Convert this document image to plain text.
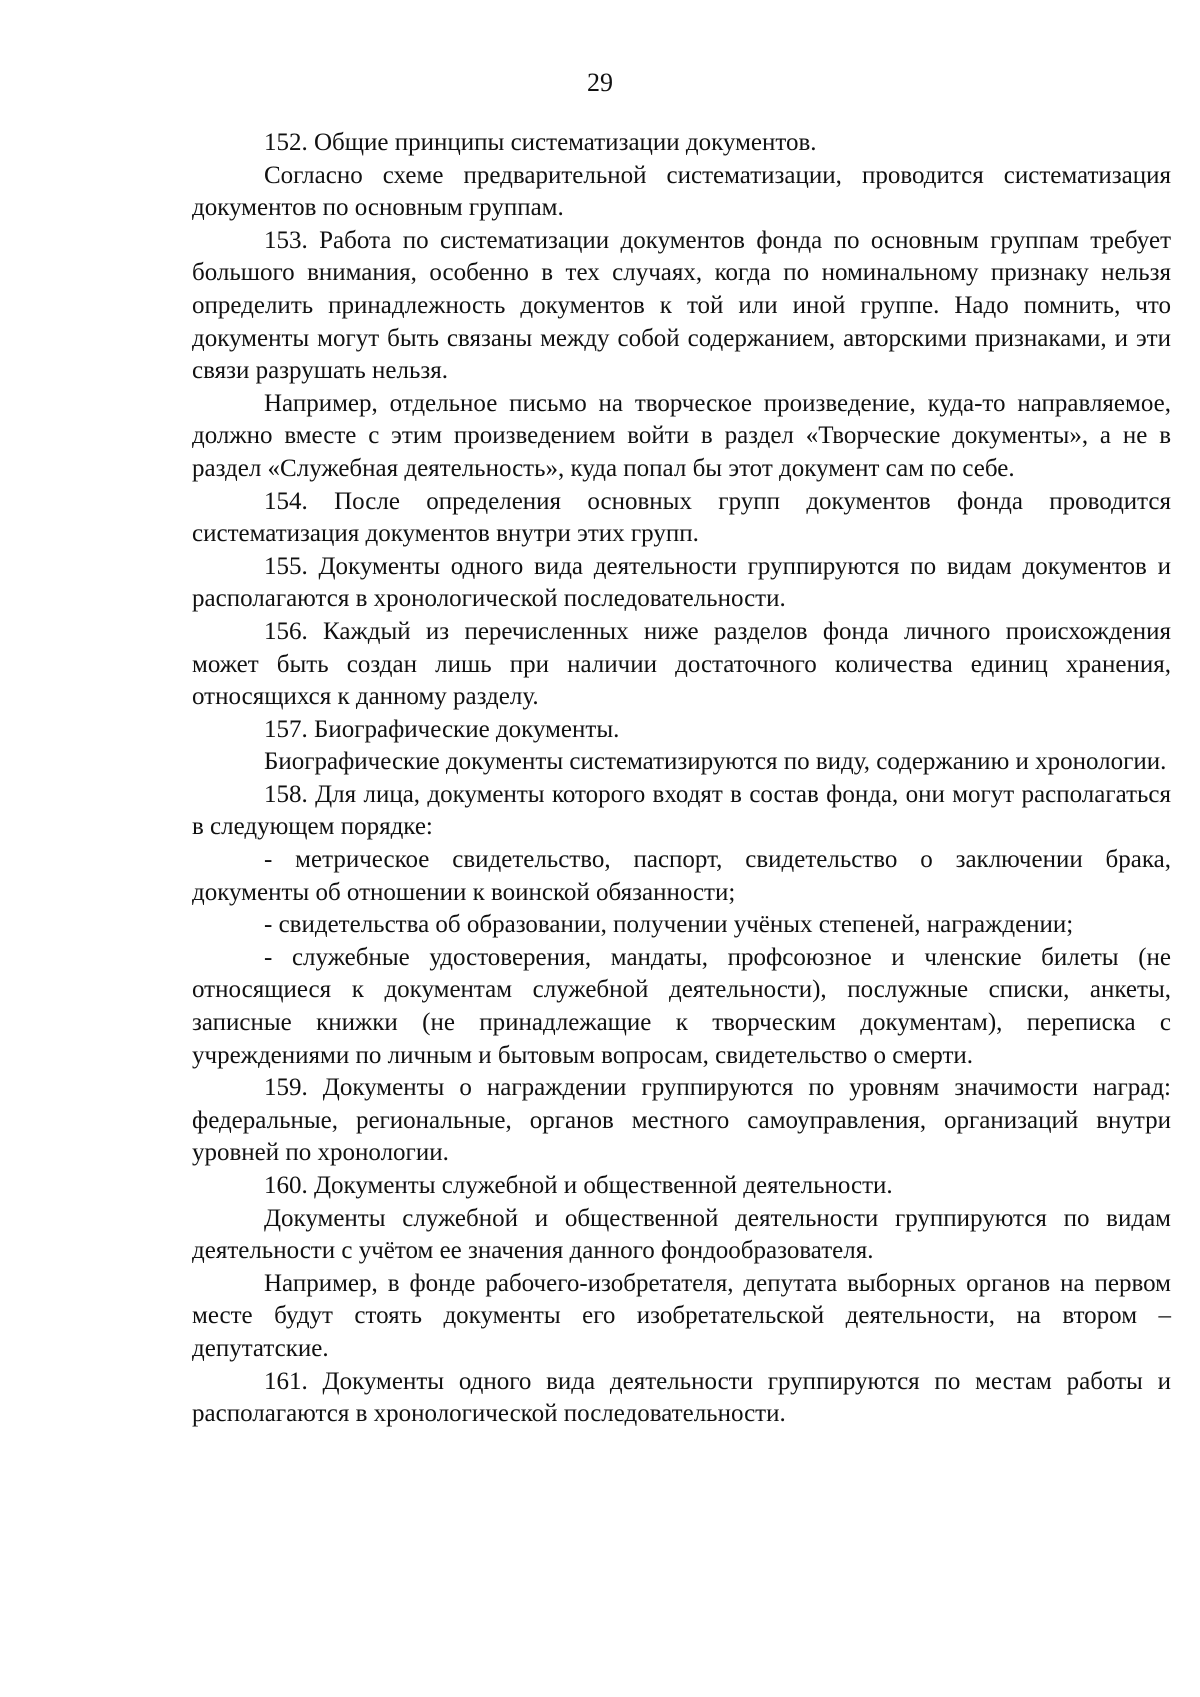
29

152. Общие принципы систематизации документов.

Согласно схеме предварительной систематизации, проводится систематизация документов по основным группам.

153. Работа по систематизации документов фонда по основным группам требует большого внимания, особенно в тех случаях, когда по номинальному признаку нельзя определить принадлежность документов к той или иной группе. Надо помнить, что документы могут быть связаны между собой содержанием, авторскими признаками, и эти связи разрушать нельзя.

Например, отдельное письмо на творческое произведение, куда-то направляемое, должно вместе с этим произведением войти в раздел «Творческие документы», а не в раздел «Служебная деятельность», куда попал бы этот документ сам по себе.

154. После определения основных групп документов фонда проводится систематизация документов внутри этих групп.

155. Документы одного вида деятельности группируются по видам документов и располагаются в хронологической последовательности.

156. Каждый из перечисленных ниже разделов фонда личного происхождения может быть создан лишь при наличии достаточного количества единиц хранения, относящихся к данному разделу.

157. Биографические документы.

Биографические документы систематизируются по виду, содержанию и хронологии.

158. Для лица, документы которого входят в состав фонда, они могут располагаться в следующем порядке:

- метрическое свидетельство, паспорт, свидетельство о заключении брака, документы об отношении к воинской обязанности;

- свидетельства об образовании, получении учёных степеней, награждении;

- служебные удостоверения, мандаты, профсоюзное и членские билеты (не относящиеся к документам служебной деятельности), послужные списки, анкеты, записные книжки (не принадлежащие к творческим документам), переписка с учреждениями по личным и бытовым вопросам, свидетельство о смерти.

159. Документы о награждении группируются по уровням значимости наград: федеральные, региональные, органов местного самоуправления, организаций внутри уровней по хронологии.

160. Документы служебной и общественной деятельности.

Документы служебной и общественной деятельности группируются по видам деятельности с учётом ее значения данного фондообразователя.

Например, в фонде рабочего-изобретателя, депутата выборных органов на первом месте будут стоять документы его изобретательской деятельности, на втором – депутатские.

161. Документы одного вида деятельности группируются по местам работы и располагаются в хронологической последовательности.
